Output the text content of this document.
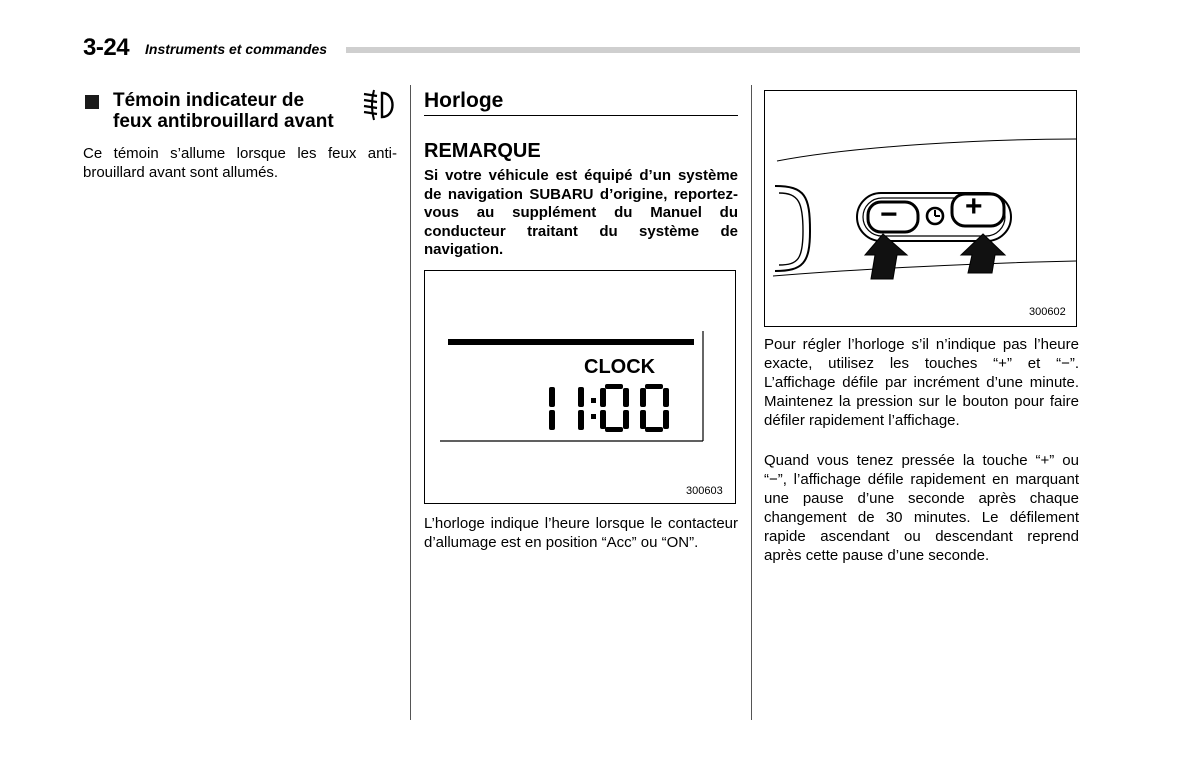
3-24 Instruments et commandes
Témoin indicateur de
feux antibrouillard avant
Ce témoin s’allume lorsque les feux antibrouillard avant sont allumés.
Horloge
REMARQUE
Si votre véhicule est équipé d’un système de navigation SUBARU d’origine, reportez-vous au supplément du Manuel du conducteur traitant du système de navigation.
CLOCK
300603
L’horloge indique l’heure lorsque le contacteur d’allumage est en position “Acc” ou “ON”.
− +
300602
Pour régler l’horloge s’il n’indique pas l’heure exacte, utilisez les touches “+” et “−”. L’affichage défile par incrément d’une minute. Maintenez la pression sur le bouton pour faire défiler rapidement l’affichage.
Quand vous tenez pressée la touche “+” ou “−”, l’affichage défile rapidement en marquant une pause d’une seconde après chaque changement de 30 minutes. Le défilement rapide ascendant ou descendant reprend après cette pause d’une seconde.
